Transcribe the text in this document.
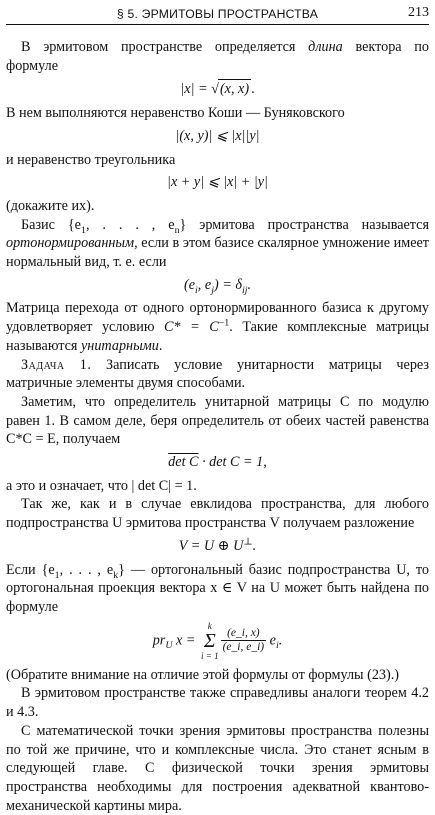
§ 5. ЭРМИТОВЫ ПРОСТРАНСТВА	213

В эрмитовом пространстве определяется длина вектора по формуле

|x| = √(x, x) .

В нем выполняются неравенство Коши — Буняковского

|(x, y)| ⩽ |x||y|

и неравенство треугольника

|x + y| ⩽ |x| + |y|

(докажите их).

Базис {$e_1$, . . . , $e_n$} эрмитова пространства называется ортонормированным, если в этом базисе скалярное умножение имеет нормальный вид, т. е. если

($e_i$, $e_j) = \delta_{ij}$.

Матрица перехода от одного ортонормированного базиса к другому удовлетворяет условию $C* = C^{-1}$. Такие комплексные матрицы называются унитарными.

Задача 1. Записать условие унитарности матрицы через матричные элементы двумя способами.

Заметим, что определитель унитарной матрицы C по модулю равен 1. В самом деле, беря определитель от обеих частей равенства C*C = E, получаем

det C · det C = 1,

а это и означает, что | det C| = 1.

Так же, как и в случае евклидова пространства, для любого подпространства U эрмитова пространства V получаем разложение

V = U ⊕ U⊥.

Если {$e_1$, . . . , $e_k$} — ортогональный базис подпространства U, то ортогональная проекция вектора x ∈ V на U может быть найдена по формуле

$pr_U$ x =
k
Σ
i = 1
$\frac{(e\_i, x)}{(e\_i, e\_i)} e_i$.

(Обратите внимание на отличие этой формулы от формулы (23).)

В эрмитовом пространстве также справедливы аналоги теорем 4.2 и 4.3.

С математической точки зрения эрмитовы пространства полезны по той же причине, что и комплексные числа. Это станет ясным в следующей главе. С физической точки зрения эрмитовы пространства необходимы для построения адекватной квантово-механической картины мира.
